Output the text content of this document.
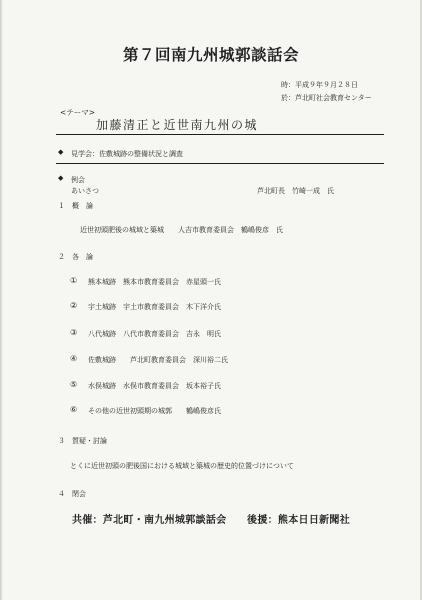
第７回南九州城郭談話会
時：平成９年９月２８日
於：芦北町社会教育センター
<テーマ>
加藤清正と近世南九州の城
◆ 見学会：佐敷城跡の整備状況と調査
◆ 例会
あいさつ	芦北町長　竹崎一成　氏
１　概　論
近世初頭肥後の城域と築城　　人吉市教育委員会　鶴嶋俊彦　氏
２　各　論
① 熊本城跡　熊本市教育委員会　赤星頭一氏
② 宇土城跡　宇土市教育委員会　木下洋介氏
③ 八代城跡　八代市教育委員会　吉永　明氏
④ 佐敷城跡　　芦北町教育委員会　深川裕二氏
⑤ 水俣城跡　水俣市教育委員会　坂本裕子氏
⑥ その他の近世初頭期の城郭　　鶴嶋俊彦氏
３　質疑・討論
とくに近世初頭の肥後国における城域と築城の歴史的位置づけについて
４　閉会
共催：芦北町・南九州城郭談話会　　後援：熊本日日新聞社
